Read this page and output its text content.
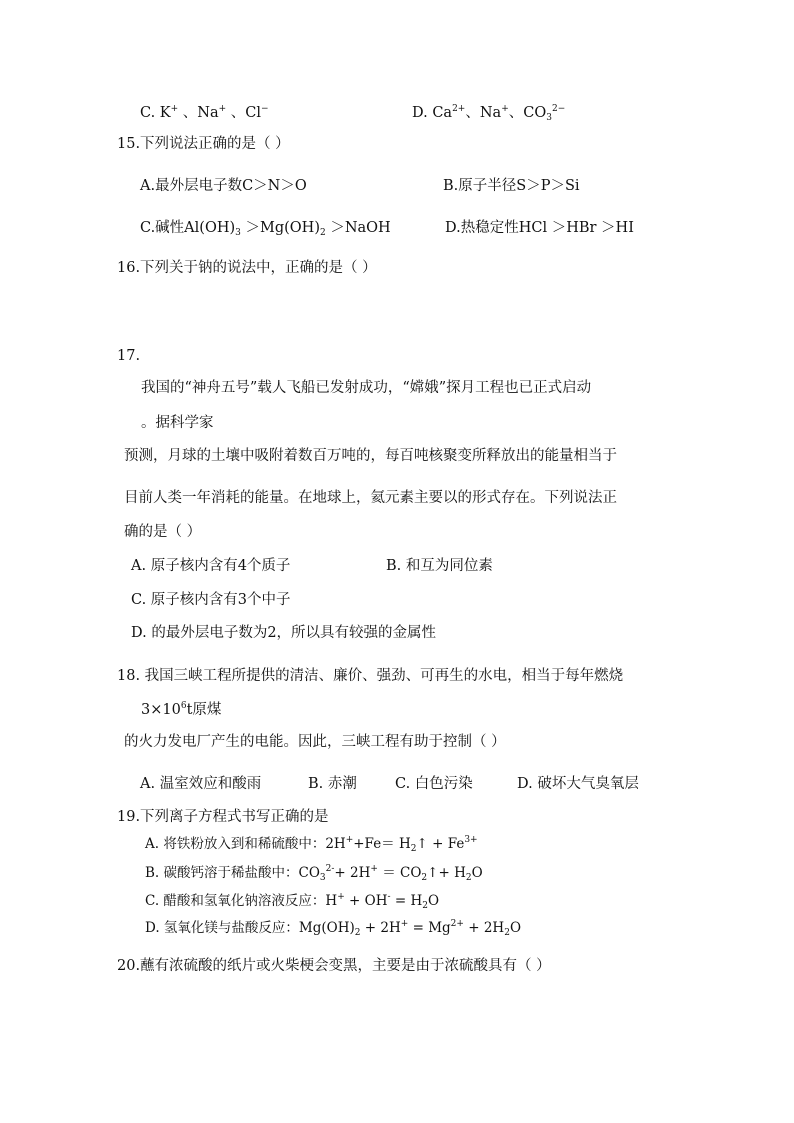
C. K+ 、Na+ 、Cl−	D. $Ca^{2+}$、Na+、$CO_3^{2-}$
15.下列说法正确的是（ ）
A.最外层电子数C＞N＞O	B.原子半径S＞P＞Si
C.碱性$Al(OH)_3 >Mg(OH)_2$ ＞NaOH	D.热稳定性HCl ＞HBr ＞HI
16.下列关于钠的说法中，正确的是（ ）
17.
我国的“神舟五号”载人飞船已发射成功，“嫦娥”探月工程也已正式启动
。据科学家
预测，月球的土壤中吸附着数百万吨的，每百吨核聚变所释放出的能量相当于
目前人类一年消耗的能量。在地球上，氦元素主要以的形式存在。下列说法正
确的是（ ）
A. 原子核内含有4个质子	B. 和互为同位素
C. 原子核内含有3个中子
D. 的最外层电子数为2，所以具有较强的金属性
18. 我国三峡工程所提供的清洁、廉价、强劲、可再生的水电，相当于每年燃烧
$3\times 10^6t$原煤
的火力发电厂产生的电能。因此，三峡工程有助于控制（ ）
A. 温室效应和酸雨	B. 赤潮	C. 白色污染	D. 破坏大气臭氧层
19.下列离子方程式书写正确的是
A. 将铁粉放入到和稀硫酸中：$2H^++Fe= H_2↑ + Fe^{3+}$
B. 碳酸钙溶于稀盐酸中：$CO_3^{2-}+ 2H^+$ ＝ $CO_2↑+ H_2O$
C. 醋酸和氢氧化钠溶液反应：$H^+ + OH^- = H_2O$
D. 氢氧化镁与盐酸反应：$Mg(OH)_2 + 2H^+ = Mg^{2+} + 2H_2O$
20.蘸有浓硫酸的纸片或火柴梗会变黑，主要是由于浓硫酸具有（ ）
